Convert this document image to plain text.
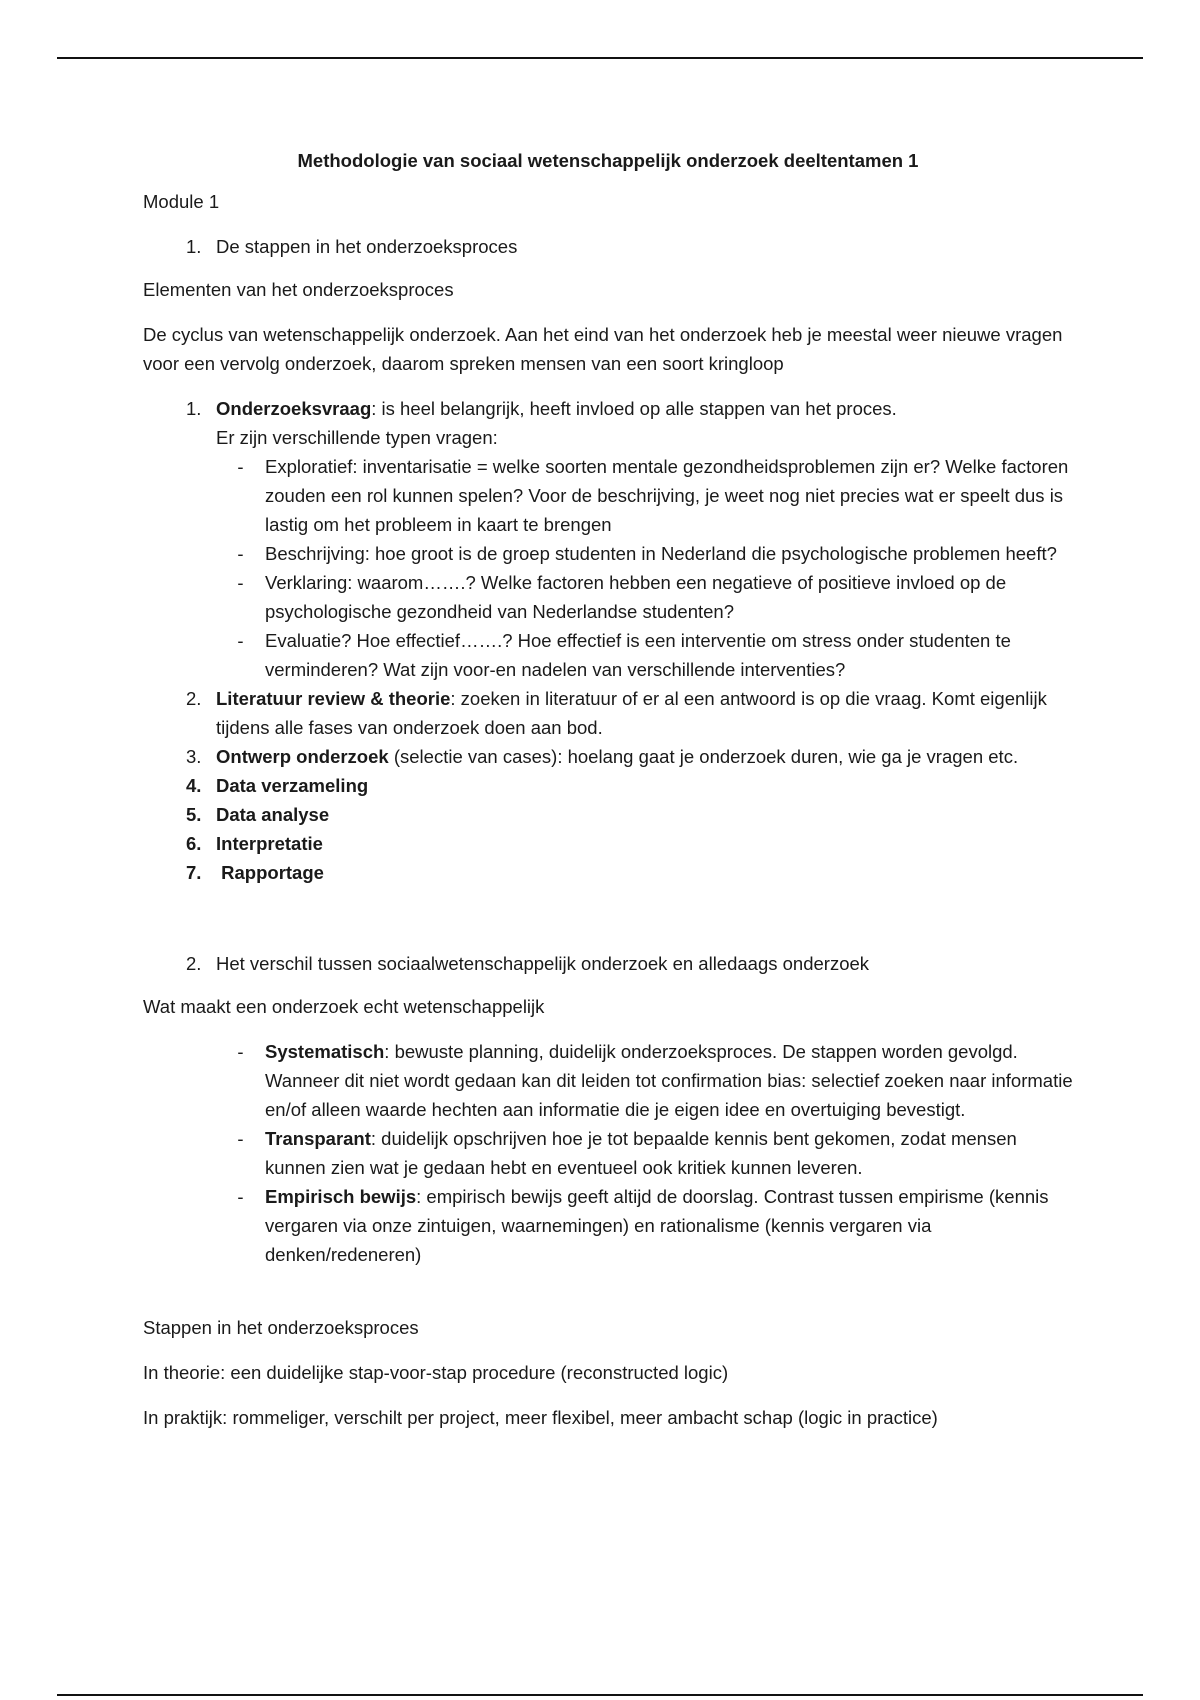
Methodologie van sociaal wetenschappelijk onderzoek deeltentamen 1

Module 1

1. De stappen in het onderzoeksproces

Elementen van het onderzoeksproces

De cyclus van wetenschappelijk onderzoek. Aan het eind van het onderzoek heb je meestal weer nieuwe vragen voor een vervolg onderzoek, daarom spreken mensen van een soort kringloop

1. Onderzoeksvraag: is heel belangrijk, heeft invloed op alle stappen van het proces.
Er zijn verschillende typen vragen:
-	Exploratief: inventarisatie = welke soorten mentale gezondheidsproblemen zijn er? Welke factoren zouden een rol kunnen spelen? Voor de beschrijving, je weet nog niet precies wat er speelt dus is lastig om het probleem in kaart te brengen
-	Beschrijving: hoe groot is de groep studenten in Nederland die psychologische problemen heeft?
-	Verklaring: waarom…….? Welke factoren hebben een negatieve of positieve invloed op de psychologische gezondheid van Nederlandse studenten?
-	Evaluatie? Hoe effectief…….? Hoe effectief is een interventie om stress onder studenten te verminderen? Wat zijn voor-en nadelen van verschillende interventies?
2. Literatuur review & theorie: zoeken in literatuur of er al een antwoord is op die vraag. Komt eigenlijk tijdens alle fases van onderzoek doen aan bod.
3. Ontwerp onderzoek (selectie van cases): hoelang gaat je onderzoek duren, wie ga je vragen etc.
4. Data verzameling
5. Data analyse
6. Interpretatie
7. Rapportage
2. Het verschil tussen sociaalwetenschappelijk onderzoek en alledaags onderzoek

Wat maakt een onderzoek echt wetenschappelijk

-	Systematisch: bewuste planning, duidelijk onderzoeksproces. De stappen worden gevolgd. Wanneer dit niet wordt gedaan kan dit leiden tot confirmation bias: selectief zoeken naar informatie en/of alleen waarde hechten aan informatie die je eigen idee en overtuiging bevestigt.
-	Transparant: duidelijk opschrijven hoe je tot bepaalde kennis bent gekomen, zodat mensen kunnen zien wat je gedaan hebt en eventueel ook kritiek kunnen leveren.
-	Empirisch bewijs: empirisch bewijs geeft altijd de doorslag. Contrast tussen empirisme (kennis vergaren via onze zintuigen, waarnemingen) en rationalisme (kennis vergaren via denken/redeneren)

Stappen in het onderzoeksproces

In theorie: een duidelijke stap-voor-stap procedure (reconstructed logic)

In praktijk: rommeliger, verschilt per project, meer flexibel, meer ambacht schap (logic in practice)
